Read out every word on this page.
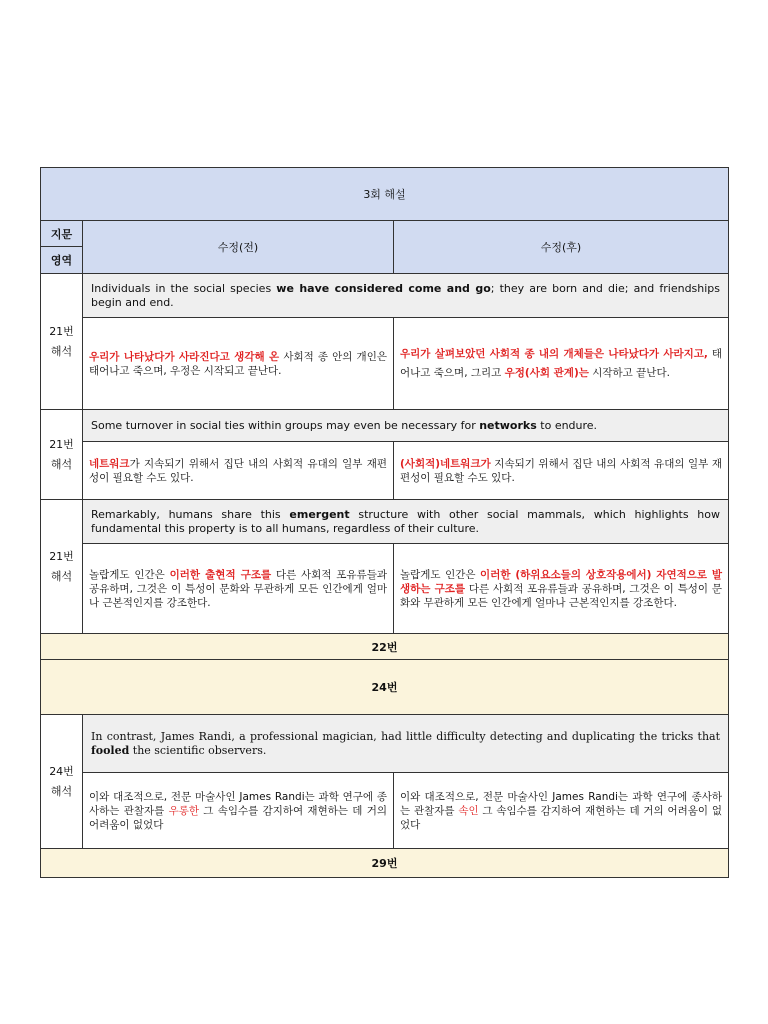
3회 해설		
지문	수정(전)	수정(후)
영역		
21번
해석	Individuals in the social species we have considered come and go; they are born and die; and friendships begin and end.	
	우리가 나타났다가 사라진다고 생각해 온 사회적 종 안의 개인은 태어나고 죽으며, 우정은 시작되고 끝난다.	우리가 살펴보았던 사회적 종 내의 개체들은 나타났다가 사라지고, 태어나고 죽으며, 그리고 우정(사회 관계)는 시작하고 끝난다.
21번
해석	Some turnover in social ties within groups may even be necessary for networks to endure.	
	네트워크가 지속되기 위해서 집단 내의 사회적 유대의 일부 재편성이 필요할 수도 있다.	(사회적)네트워크가 지속되기 위해서 집단 내의 사회적 유대의 일부 재편성이 필요할 수도 있다.
21번
해석	Remarkably, humans share this emergent structure with other social mammals, which highlights how fundamental this property is to all humans, regardless of their culture.	
	놀랍게도 인간은 이러한 출현적 구조를 다른 사회적 포유류들과 공유하며, 그것은 이 특성이 문화와 무관하게 모든 인간에게 얼마나 근본적인지를 강조한다.	놀랍게도 인간은 이러한 (하위요소들의 상호작용에서) 자연적으로 발생하는 구조를 다른 사회적 포유류들과 공유하며, 그것은 이 특성이 문화와 무관하게 모든 인간에게 얼마나 근본적인지를 강조한다.
22번		
24번		
24번
해석	In contrast, James Randi, a professional magician, had little difficulty detecting and duplicating the tricks that fooled the scientific observers.	
	이와 대조적으로, 전문 마술사인 James Randi는 과학 연구에 종사하는 관찰자를 우롱한 그 속임수를 감지하여 재현하는 데 거의 어려움이 없었다	이와 대조적으로, 전문 마술사인 James Randi는 과학 연구에 종사하는 관찰자를 속인 그 속임수를 감지하여 재현하는 데 거의 어려움이 없었다
29번		
